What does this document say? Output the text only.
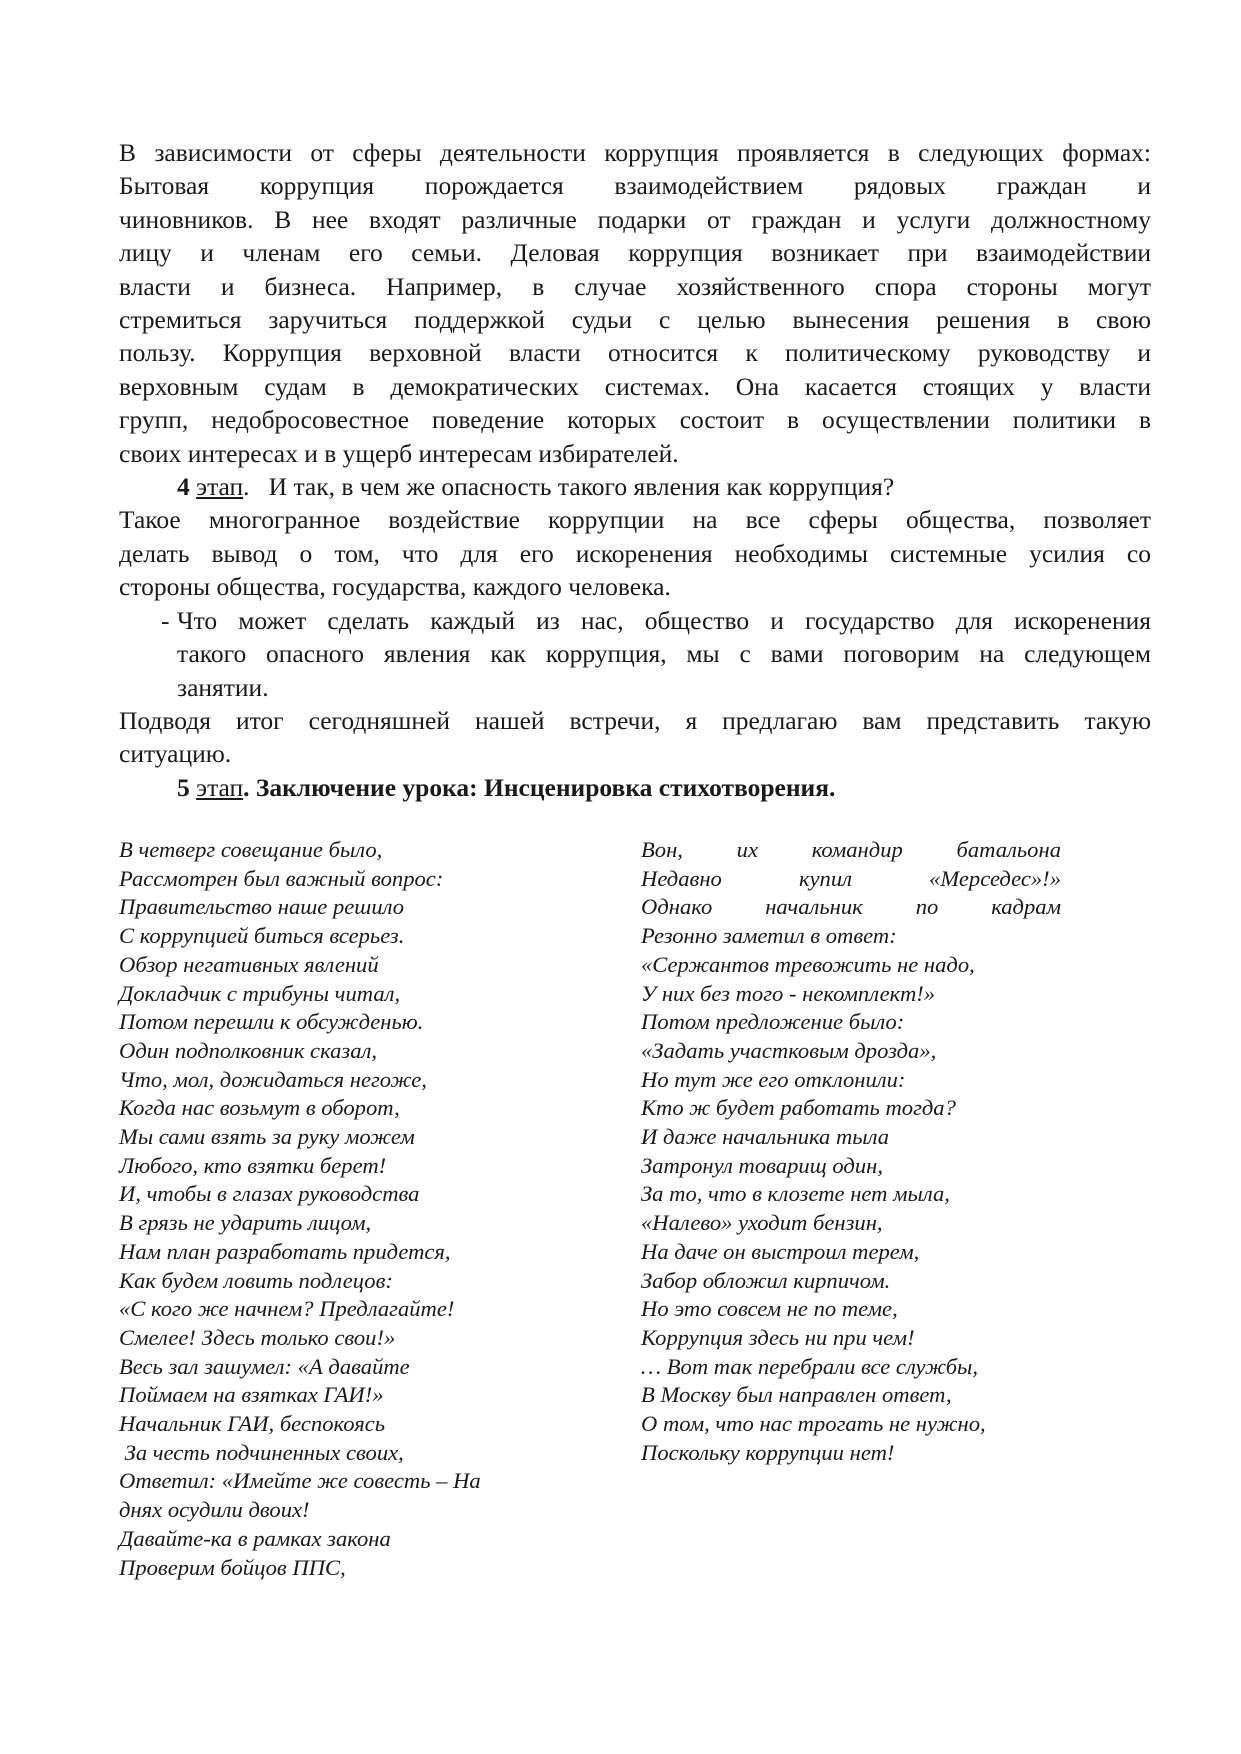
В зависимости от сферы деятельности коррупция проявляется в следующих формах:
Бытовая коррупция порождается взаимодействием рядовых граждан и
чиновников. В нее входят различные подарки от граждан и услуги должностному
лицу и членам его семьи. Деловая коррупция возникает при взаимодействии
власти и бизнеса. Например, в случае хозяйственного спора стороны могут
стремиться заручиться поддержкой судьи с целью вынесения решения в свою
пользу. Коррупция верховной власти относится к политическому руководству и
верховным судам в демократических системах. Она касается стоящих у власти
групп, недобросовестное поведение которых состоит в осуществлении политики в
своих интересах и в ущерб интересам избирателей.
4 этап.   И так, в чем же опасность такого явления как коррупция?
Такое многогранное воздействие коррупции на все сферы общества, позволяет
делать вывод о том, что для его искоренения необходимы системные усилия со
стороны общества, государства, каждого человека.
- Что может сделать каждый из нас, общество и государство для искоренения
такого опасного явления как коррупция, мы с вами поговорим на следующем
занятии.
Подводя итог сегодняшней нашей встречи, я предлагаю вам представить такую
ситуацию.
5 этап. Заключение урока: Инсценировка стихотворения.
В четверг совещание было,
Рассмотрен был важный вопрос:
Правительство наше решило
С коррупцией биться всерьез.
Обзор негативных явлений
Докладчик с трибуны читал,
Потом перешли к обсужденью.
Один подполковник сказал,
Что, мол, дожидаться негоже,
Когда нас возьмут в оборот,
Мы сами взять за руку можем
Любого, кто взятки берет!
И, чтобы в глазах руководства
В грязь не ударить лицом,
Нам план разработать придется,
Как будем ловить подлецов:
«С кого же начнем? Предлагайте!
Смелее! Здесь только свои!»
Весь зал зашумел: «А давайте
Поймаем на взятках ГАИ!»
Начальник ГАИ, беспокоясь
За честь подчиненных своих,
Ответил: «Имейте же совесть – На
днях осудили двоих!
Давайте-ка в рамках закона
Проверим бойцов ППС,
Вон, их командир батальона
Недавно купил «Мерседес»!»
Однако начальник по кадрам
Резонно заметил в ответ:
«Сержантов тревожить не надо,
У них без того - некомплект!»
Потом предложение было:
«Задать участковым дрозда»,
Но тут же его отклонили:
Кто ж будет работать тогда?
И даже начальника тыла
Затронул товарищ один,
За то, что в клозете нет мыла,
«Налево» уходит бензин,
На даче он выстроил терем,
Забор обложил кирпичом.
Но это совсем не по теме,
Коррупция здесь ни при чем!
… Вот так перебрали все службы,
В Москву был направлен ответ,
О том, что нас трогать не нужно,
Поскольку коррупции нет!
